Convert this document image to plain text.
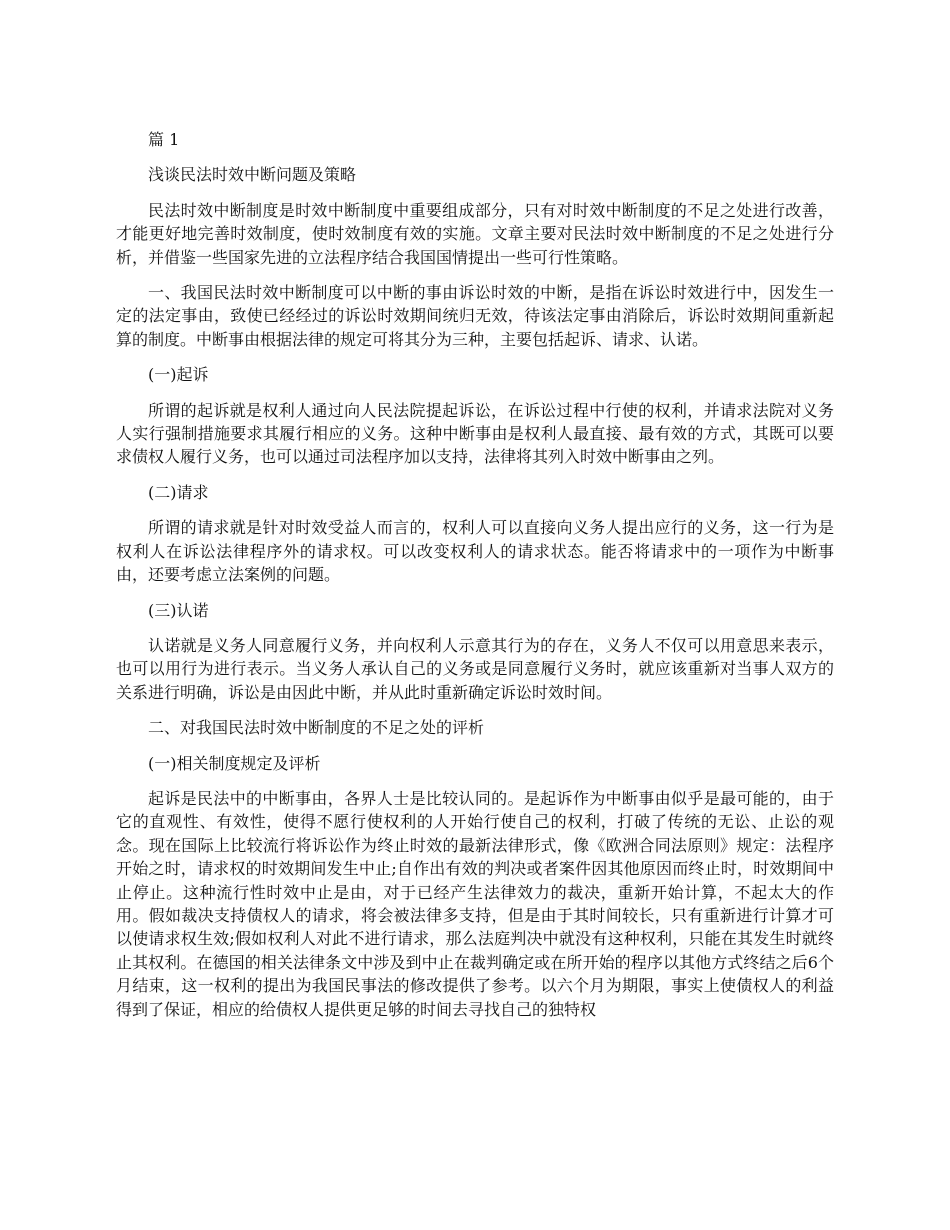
篇 1

浅谈民法时效中断问题及策略

民法时效中断制度是时效中断制度中重要组成部分，只有对时效中断制度的不足之处进行改善，才能更好地完善时效制度，使时效制度有效的实施。文章主要对民法时效中断制度的不足之处进行分析，并借鉴一些国家先进的立法程序结合我国国情提出一些可行性策略。

一、我国民法时效中断制度可以中断的事由诉讼时效的中断，是指在诉讼时效进行中，因发生一定的法定事由，致使已经经过的诉讼时效期间统归无效，待该法定事由消除后，诉讼时效期间重新起算的制度。中断事由根据法律的规定可将其分为三种，主要包括起诉、请求、认诺。

(一)起诉

所谓的起诉就是权利人通过向人民法院提起诉讼，在诉讼过程中行使的权利，并请求法院对义务人实行强制措施要求其履行相应的义务。这种中断事由是权利人最直接、最有效的方式，其既可以要求债权人履行义务，也可以通过司法程序加以支持，法律将其列入时效中断事由之列。

(二)请求

所谓的请求就是针对时效受益人而言的，权利人可以直接向义务人提出应行的义务，这一行为是权利人在诉讼法律程序外的请求权。可以改变权利人的请求状态。能否将请求中的一项作为中断事由，还要考虑立法案例的问题。

(三)认诺

认诺就是义务人同意履行义务，并向权利人示意其行为的存在，义务人不仅可以用意思来表示，也可以用行为进行表示。当义务人承认自己的义务或是同意履行义务时，就应该重新对当事人双方的关系进行明确，诉讼是由因此中断，并从此时重新确定诉讼时效时间。

二、对我国民法时效中断制度的不足之处的评析

(一)相关制度规定及评析

起诉是民法中的中断事由，各界人士是比较认同的。是起诉作为中断事由似乎是最可能的，由于它的直观性、有效性，使得不愿行使权利的人开始行使自己的权利，打破了传统的无讼、止讼的观念。现在国际上比较流行将诉讼作为终止时效的最新法律形式，像《欧洲合同法原则》规定：法程序开始之时，请求权的时效期间发生中止;自作出有效的判决或者案件因其他原因而终止时，时效期间中止停止。这种流行性时效中止是由，对于已经产生法律效力的裁决，重新开始计算，不起太大的作用。假如裁决支持债权人的请求，将会被法律多支持，但是由于其时间较长，只有重新进行计算才可以使请求权生效;假如权利人对此不进行请求，那么法庭判决中就没有这种权利，只能在其发生时就终止其权利。在德国的相关法律条文中涉及到中止在裁判确定或在所开始的程序以其他方式终结之后6个月结束，这一权利的提出为我国民事法的修改提供了参考。以六个月为期限，事实上使债权人的利益得到了保证，相应的给债权人提供更足够的时间去寻找自己的独特权
